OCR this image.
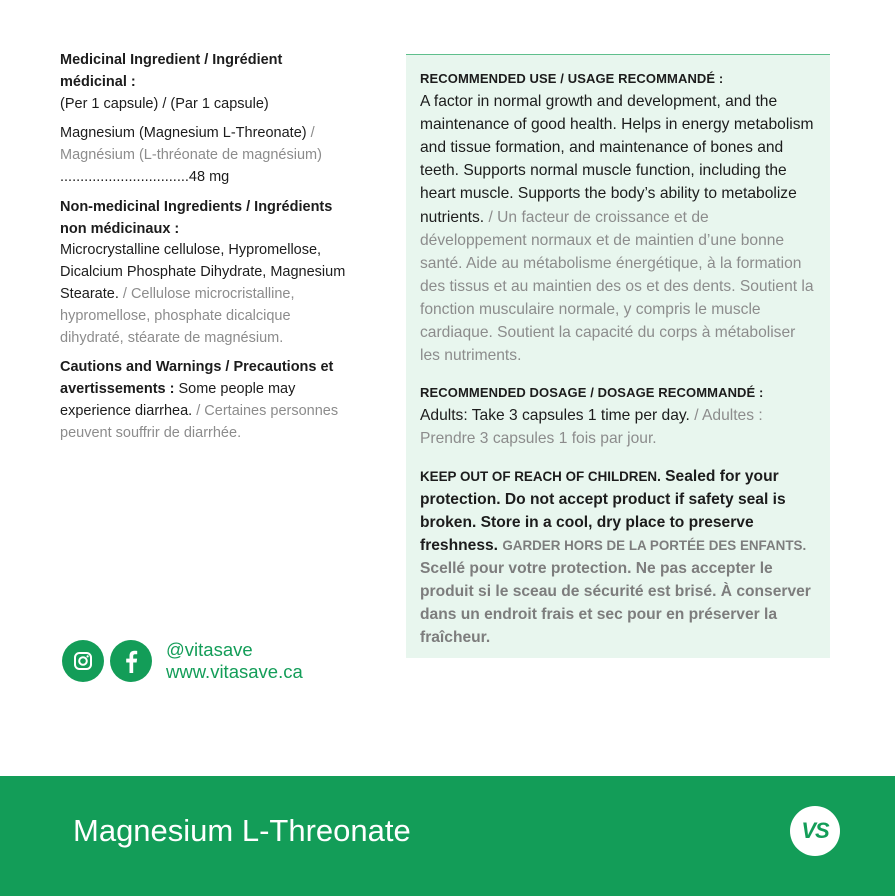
Medicinal Ingredient / Ingrédient médicinal :

(Per 1 capsule) / (Par 1 capsule)

Magnesium (Magnesium L-Threonate) / Magnésium (L-thréonate de magnésium) ................................48 mg

Non-medicinal Ingredients / Ingrédients non médicinaux :

Microcrystalline cellulose, Hypromellose, Dicalcium Phosphate Dihydrate, Magnesium Stearate. / Cellulose microcristalline, hypromellose, phosphate dicalcique dihydraté, stéarate de magnésium.

Cautions and Warnings / Precautions et avertissements : Some people may experience diarrhea. / Certaines personnes peuvent souffrir de diarrhée.

RECOMMENDED USE / USAGE RECOMMANDÉ :

A factor in normal growth and development, and the maintenance of good health. Helps in energy metabolism and tissue formation, and maintenance of bones and teeth. Supports normal muscle function, including the heart muscle. Supports the body’s ability to metabolize nutrients. / Un facteur de croissance et de développement normaux et de maintien d’une bonne santé. Aide au métabolisme énergétique, à la formation des tissus et au maintien des os et des dents. Soutient la fonction musculaire normale, y compris le muscle cardiaque. Soutient la capacité du corps à métaboliser les nutriments.

RECOMMENDED DOSAGE / DOSAGE RECOMMANDÉ :

Adults: Take 3 capsules 1 time per day. / Adultes : Prendre 3 capsules 1 fois par jour.

KEEP OUT OF REACH OF CHILDREN. Sealed for your protection. Do not accept product if safety seal is broken. Store in a cool, dry place to preserve freshness. GARDER HORS DE LA PORTÉE DES ENFANTS. Scellé pour votre protection. Ne pas accepter le produit si le sceau de sécurité est brisé. À conserver dans un endroit frais et sec pour en préserver la fraîcheur.

@vitasave
www.vitasave.ca
Magnesium L-Threonate	VS
